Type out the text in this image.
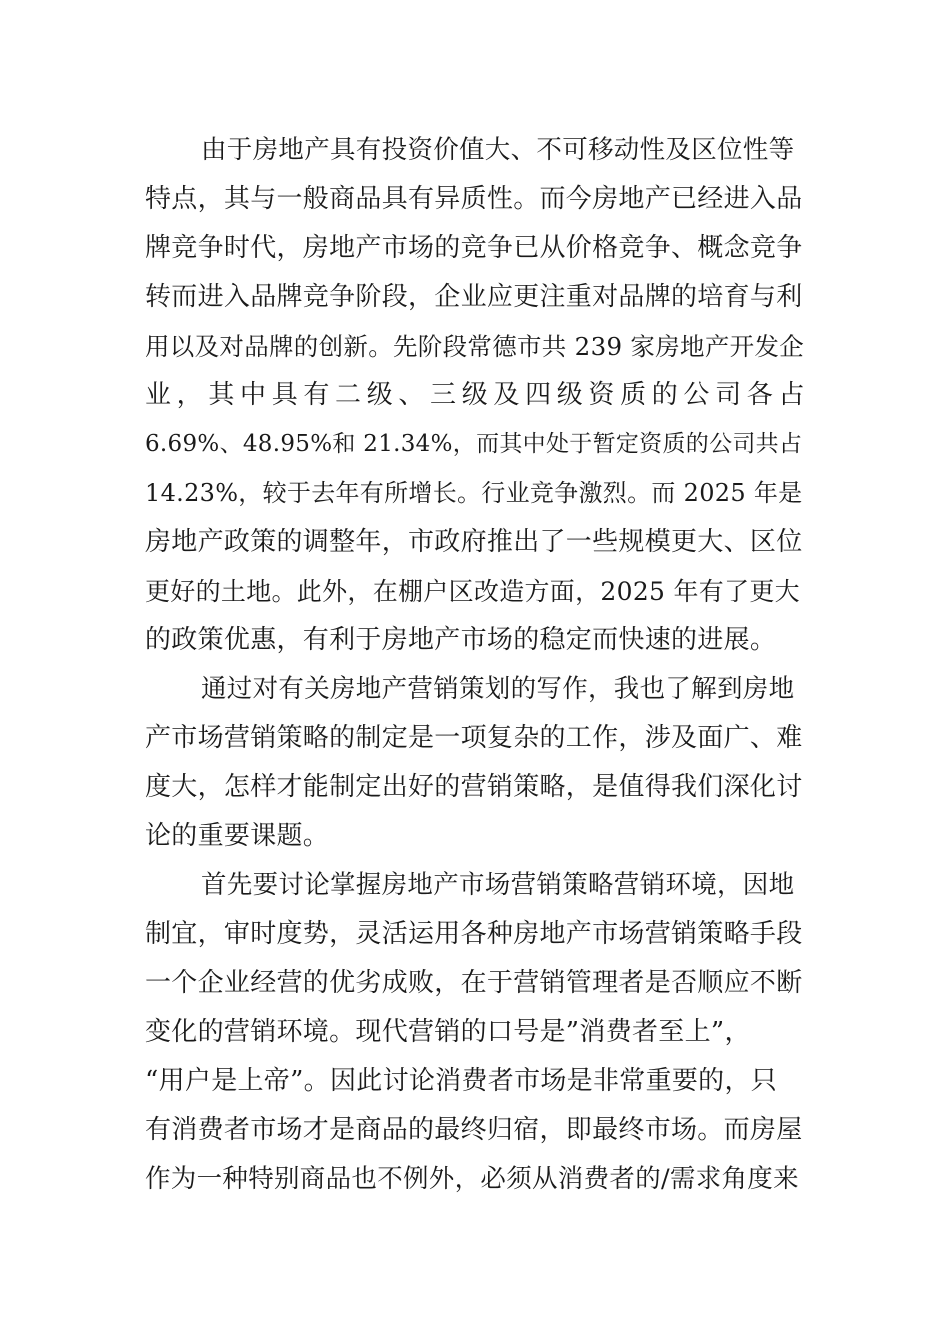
由于房地产具有投资价值大、不可移动性及区位性等
特点，其与一般商品具有异质性。而今房地产已经进入品
牌竞争时代，房地产市场的竞争已从价格竞争、概念竞争
转而进入品牌竞争阶段，企业应更注重对品牌的培育与利
用以及对品牌的创新。先阶段常德市共 239 家房地产开发企
业 ， 其 中 具 有 二 级 、 三 级 及 四 级 资 质 的 公 司 各 占
6.69%、48.95%和 21.34%，而其中处于暂定资质的公司共占
14.23%，较于去年有所增长。行业竞争激烈。而 2025 年是
房地产政策的调整年，市政府推出了一些规模更大、区位
更好的土地。此外，在棚户区改造方面，2025 年有了更大
的政策优惠，有利于房地产市场的稳定而快速的进展。
通过对有关房地产营销策划的写作，我也了解到房地
产市场营销策略的制定是一项复杂的工作，涉及面广、难
度大，怎样才能制定出好的营销策略，是值得我们深化讨
论的重要课题。
首先要讨论掌握房地产市场营销策略营销环境，因地
制宜，审时度势，灵活运用各种房地产市场营销策略手段
一个企业经营的优劣成败，在于营销管理者是否顺应不断
变化的营销环境。现代营销的口号是”消费者至上”，
“用户是上帝”。因此讨论消费者市场是非常重要的，只
有消费者市场才是商品的最终归宿，即最终市场。而房屋
作为一种特别商品也不例外，必须从消费者的/需求角度来
